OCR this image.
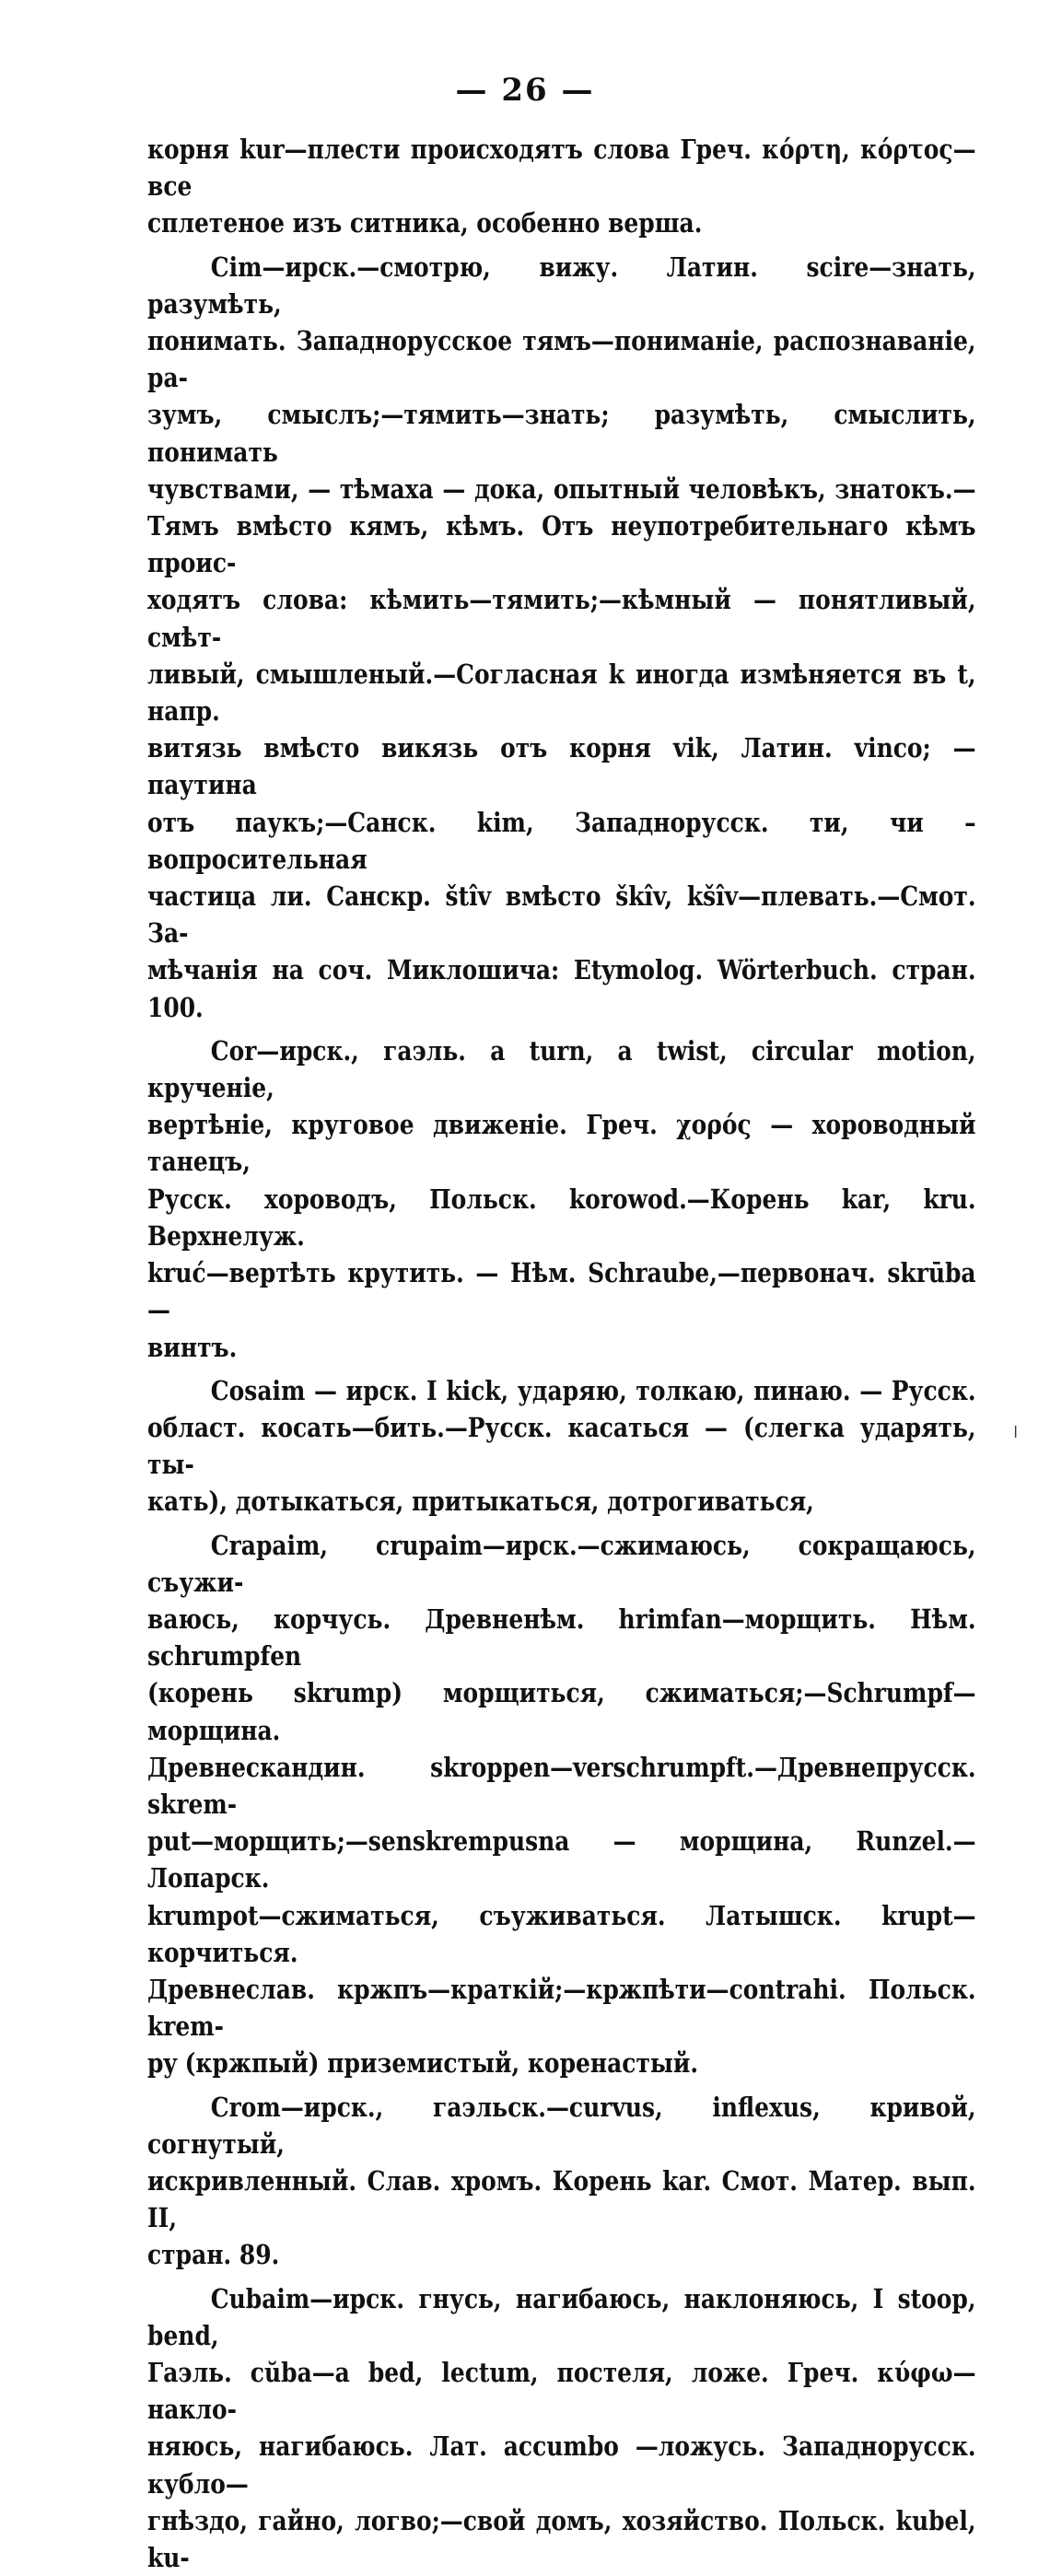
— 26 —

корня kur—плести происходятъ слова Греч. κόρτη, κόρτος—все

сплетеное изъ ситника, особенно верша.

Cim—ирск.—смотрю, вижу. Латин. scire—знать, разумѣть,

понимать. Западнорусское тямъ—пониманіе, распознаваніе, ра-

зумъ, смыслъ;—тямить—знать; разумѣть, смыслить, понимать

чувствами, — тѣмаха — дока, опытный человѣкъ, знатокъ.—

Тямъ вмѣсто кямъ, кѣмъ. Отъ неупотребительнаго кѣмъ проис-

ходятъ слова: кѣмить—тямить;—кѣмный — понятливый, смѣт-

ливый, смышленый.—Согласная k иногда измѣняется въ t, напр.

витязь вмѣсто викязь отъ корня vik, Латин. vinco; — паутина

отъ паукъ;—Санск. kim, Западнорусск. ти, чи – вопросительная

частица ли. Санскр. štîv вмѣсто škîv, kšîv—плевать.—Смот. За-

мѣчанія на соч. Миклошича: Etymolog. Wörterbuch. стран. 100.

Cor—ирск., гаэль. a turn, a twist, circular motion, крученіе,

вертѣніе, круговое движеніе. Греч. χορός — хороводный танецъ,

Русск. хороводъ, Польск. korowod.—Корень kar, kru. Верхнелуж.

kruć—вертѣть крутить. — Нѣм. Schraube,—первонач. skrūba—

винтъ.

Cosaim — ирск. I kick, ударяю, толкаю, пинаю. — Русск.

област. косать—бить.—Русск. касаться — (слегка ударять, ты-

кать), дотыкаться, притыкаться, дотрогиваться,

Crapaim, crupaim—ирск.—сжимаюсь, сокращаюсь, съужи-

ваюсь, корчусь. Древненѣм. hrimfan—морщить. Нѣм. schrumpfen

(корень skrump) морщиться, сжиматься;—Schrumpf—морщина.

Древнескандин. skroppen—verschrumpft.—Древнепрусск. skrem-

put—морщить;—senskrempusna — морщина, Runzel.—Лопарск.

krumpot—сжиматься, съуживаться. Латышск. krupt—корчиться.

Древнеслав. кржпъ—краткій;—кржпѣти—contrahi. Польск. krem-

py (кржпый) приземистый, коренастый.

Crom—ирск., гаэльск.—curvus, inflexus, кривой, согнутый,

искривленный. Слав. хромъ. Корень kar. Смот. Матер. вып. II,

стран. 89.

Cubaim—ирск. гнусь, нагибаюсь, наклоняюсь, I stoop, bend,

Гаэль. cŭba—a bed, lectum, постеля, ложе. Греч. κύφω—накло-

няюсь, нагибаюсь. Лат. accumbo —ложусь. Западнорусск. кубло—

гнѣздо, гайно, логво;—свой домъ, хозяйство. Польск. kubel, ku-

ǀ
